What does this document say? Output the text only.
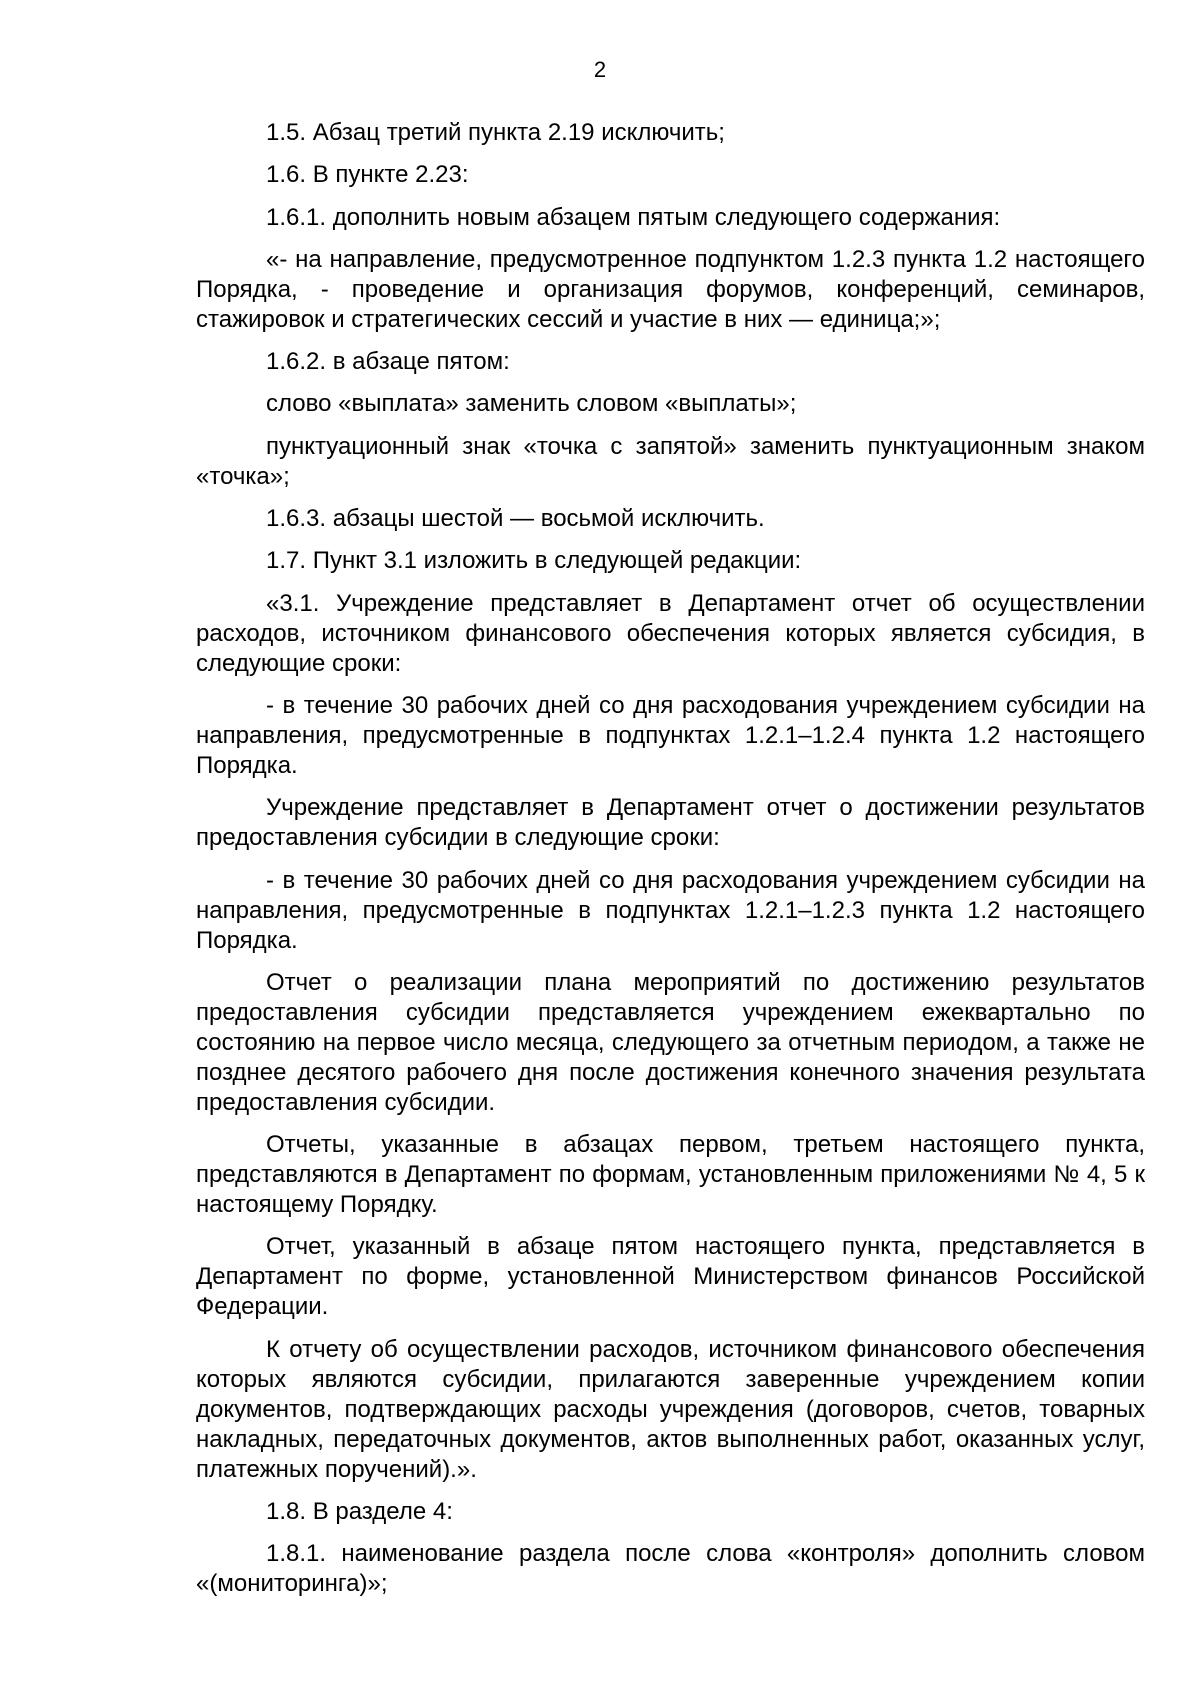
2

1.5. Абзац третий пункта 2.19 исключить;

1.6. В пункте 2.23:

1.6.1. дополнить новым абзацем пятым следующего содержания:

«- на направление, предусмотренное подпунктом 1.2.3 пункта 1.2 настоящего Порядка, - проведение и организация форумов, конференций, семинаров, стажировок и стратегических сессий и участие в них — единица;»;

1.6.2. в абзаце пятом:

слово «выплата» заменить словом «выплаты»;

пунктуационный знак «точка с запятой» заменить пунктуационным знаком «точка»;

1.6.3. абзацы шестой — восьмой исключить.

1.7. Пункт 3.1 изложить в следующей редакции:

«3.1. Учреждение представляет в Департамент отчет об осуществлении расходов, источником финансового обеспечения которых является субсидия, в следующие сроки:

- в течение 30 рабочих дней со дня расходования учреждением субсидии на направления, предусмотренные в подпунктах 1.2.1–1.2.4 пункта 1.2 настоящего Порядка.

Учреждение представляет в Департамент отчет о достижении результатов предоставления субсидии в следующие сроки:

- в течение 30 рабочих дней со дня расходования учреждением субсидии на направления, предусмотренные в подпунктах 1.2.1–1.2.3 пункта 1.2 настоящего Порядка.

Отчет о реализации плана мероприятий по достижению результатов предоставления субсидии представляется учреждением ежеквартально по состоянию на первое число месяца, следующего за отчетным периодом, а также не позднее десятого рабочего дня после достижения конечного значения результата предоставления субсидии.

Отчеты, указанные в абзацах первом, третьем настоящего пункта, представляются в Департамент по формам, установленным приложениями № 4, 5 к настоящему Порядку.

Отчет, указанный в абзаце пятом настоящего пункта, представляется в Департамент по форме, установленной Министерством финансов Российской Федерации.

К отчету об осуществлении расходов, источником финансового обеспечения которых являются субсидии, прилагаются заверенные учреждением копии документов, подтверждающих расходы учреждения (договоров, счетов, товарных накладных, передаточных документов, актов выполненных работ, оказанных услуг, платежных поручений).».

1.8. В разделе 4:

1.8.1. наименование раздела после слова «контроля» дополнить словом «(мониторинга)»;
